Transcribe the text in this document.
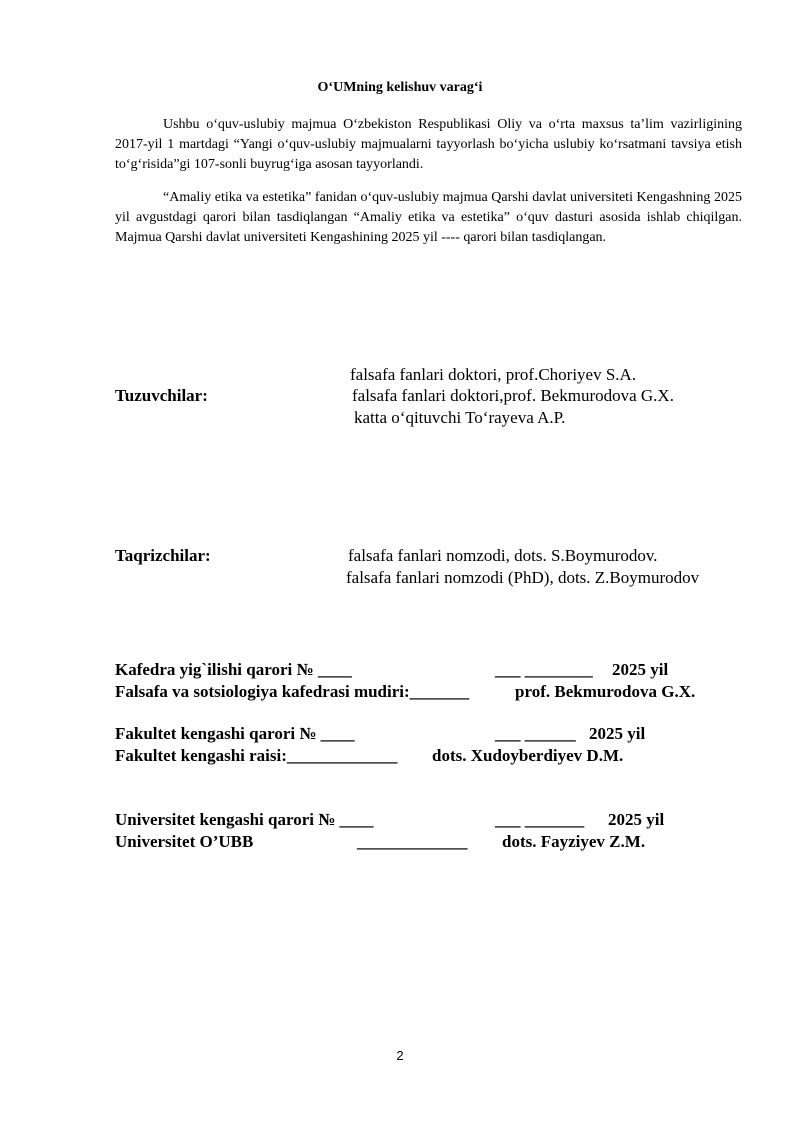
O‘UMning kelishuv varag‘i
Ushbu o‘quv-uslubiy majmua O‘zbekiston Respublikasi Oliy va o‘rta maxsus ta’lim vazirligining 2017-yil 1 martdagi “Yangi o‘quv-uslubiy majmualarni tayyorlash bo‘yicha uslubiy ko‘rsatmani tavsiya etish to‘g‘risida”gi 107-sonli buyrug‘iga asosan tayyorlandi.
“Amaliy etika va estetika” fanidan o‘quv-uslubiy majmua Qarshi davlat universiteti Kengashning 2025 yil avgustdagi qarori bilan tasdiqlangan “Amaliy etika va estetika” o‘quv dasturi asosida ishlab chiqilgan. Majmua Qarshi davlat universiteti Kengashining 2025 yil ---- qarori bilan tasdiqlangan.
Tuzuvchilar:
falsafa fanlari doktori, prof.Choriyev S.A.
falsafa fanlari doktori,prof. Bekmurodova G.X.
katta o‘qituvchi To‘rayeva A.P.
Taqrizchilar:	falsafa fanlari nomzodi, dots. S.Boymurodov.
falsafa fanlari nomzodi (PhD), dots. Z.Boymurodov
Kafedra yig`ilishi qarori № ____	___ ________ 2025 yil
Falsafa va sotsiologiya kafedrasi mudiri:_______	prof. Bekmurodova G.X.
Fakultet kengashi qarori № ____	___ ______ 2025 yil
Fakultet kengashi raisi:_____________ dots. Xudoyberdiyev D.M.
Universitet kengashi qarori № ____	___ _______ 2025 yil
Universitet O’UBB	_____________ dots. Fayziyev Z.M.
2
